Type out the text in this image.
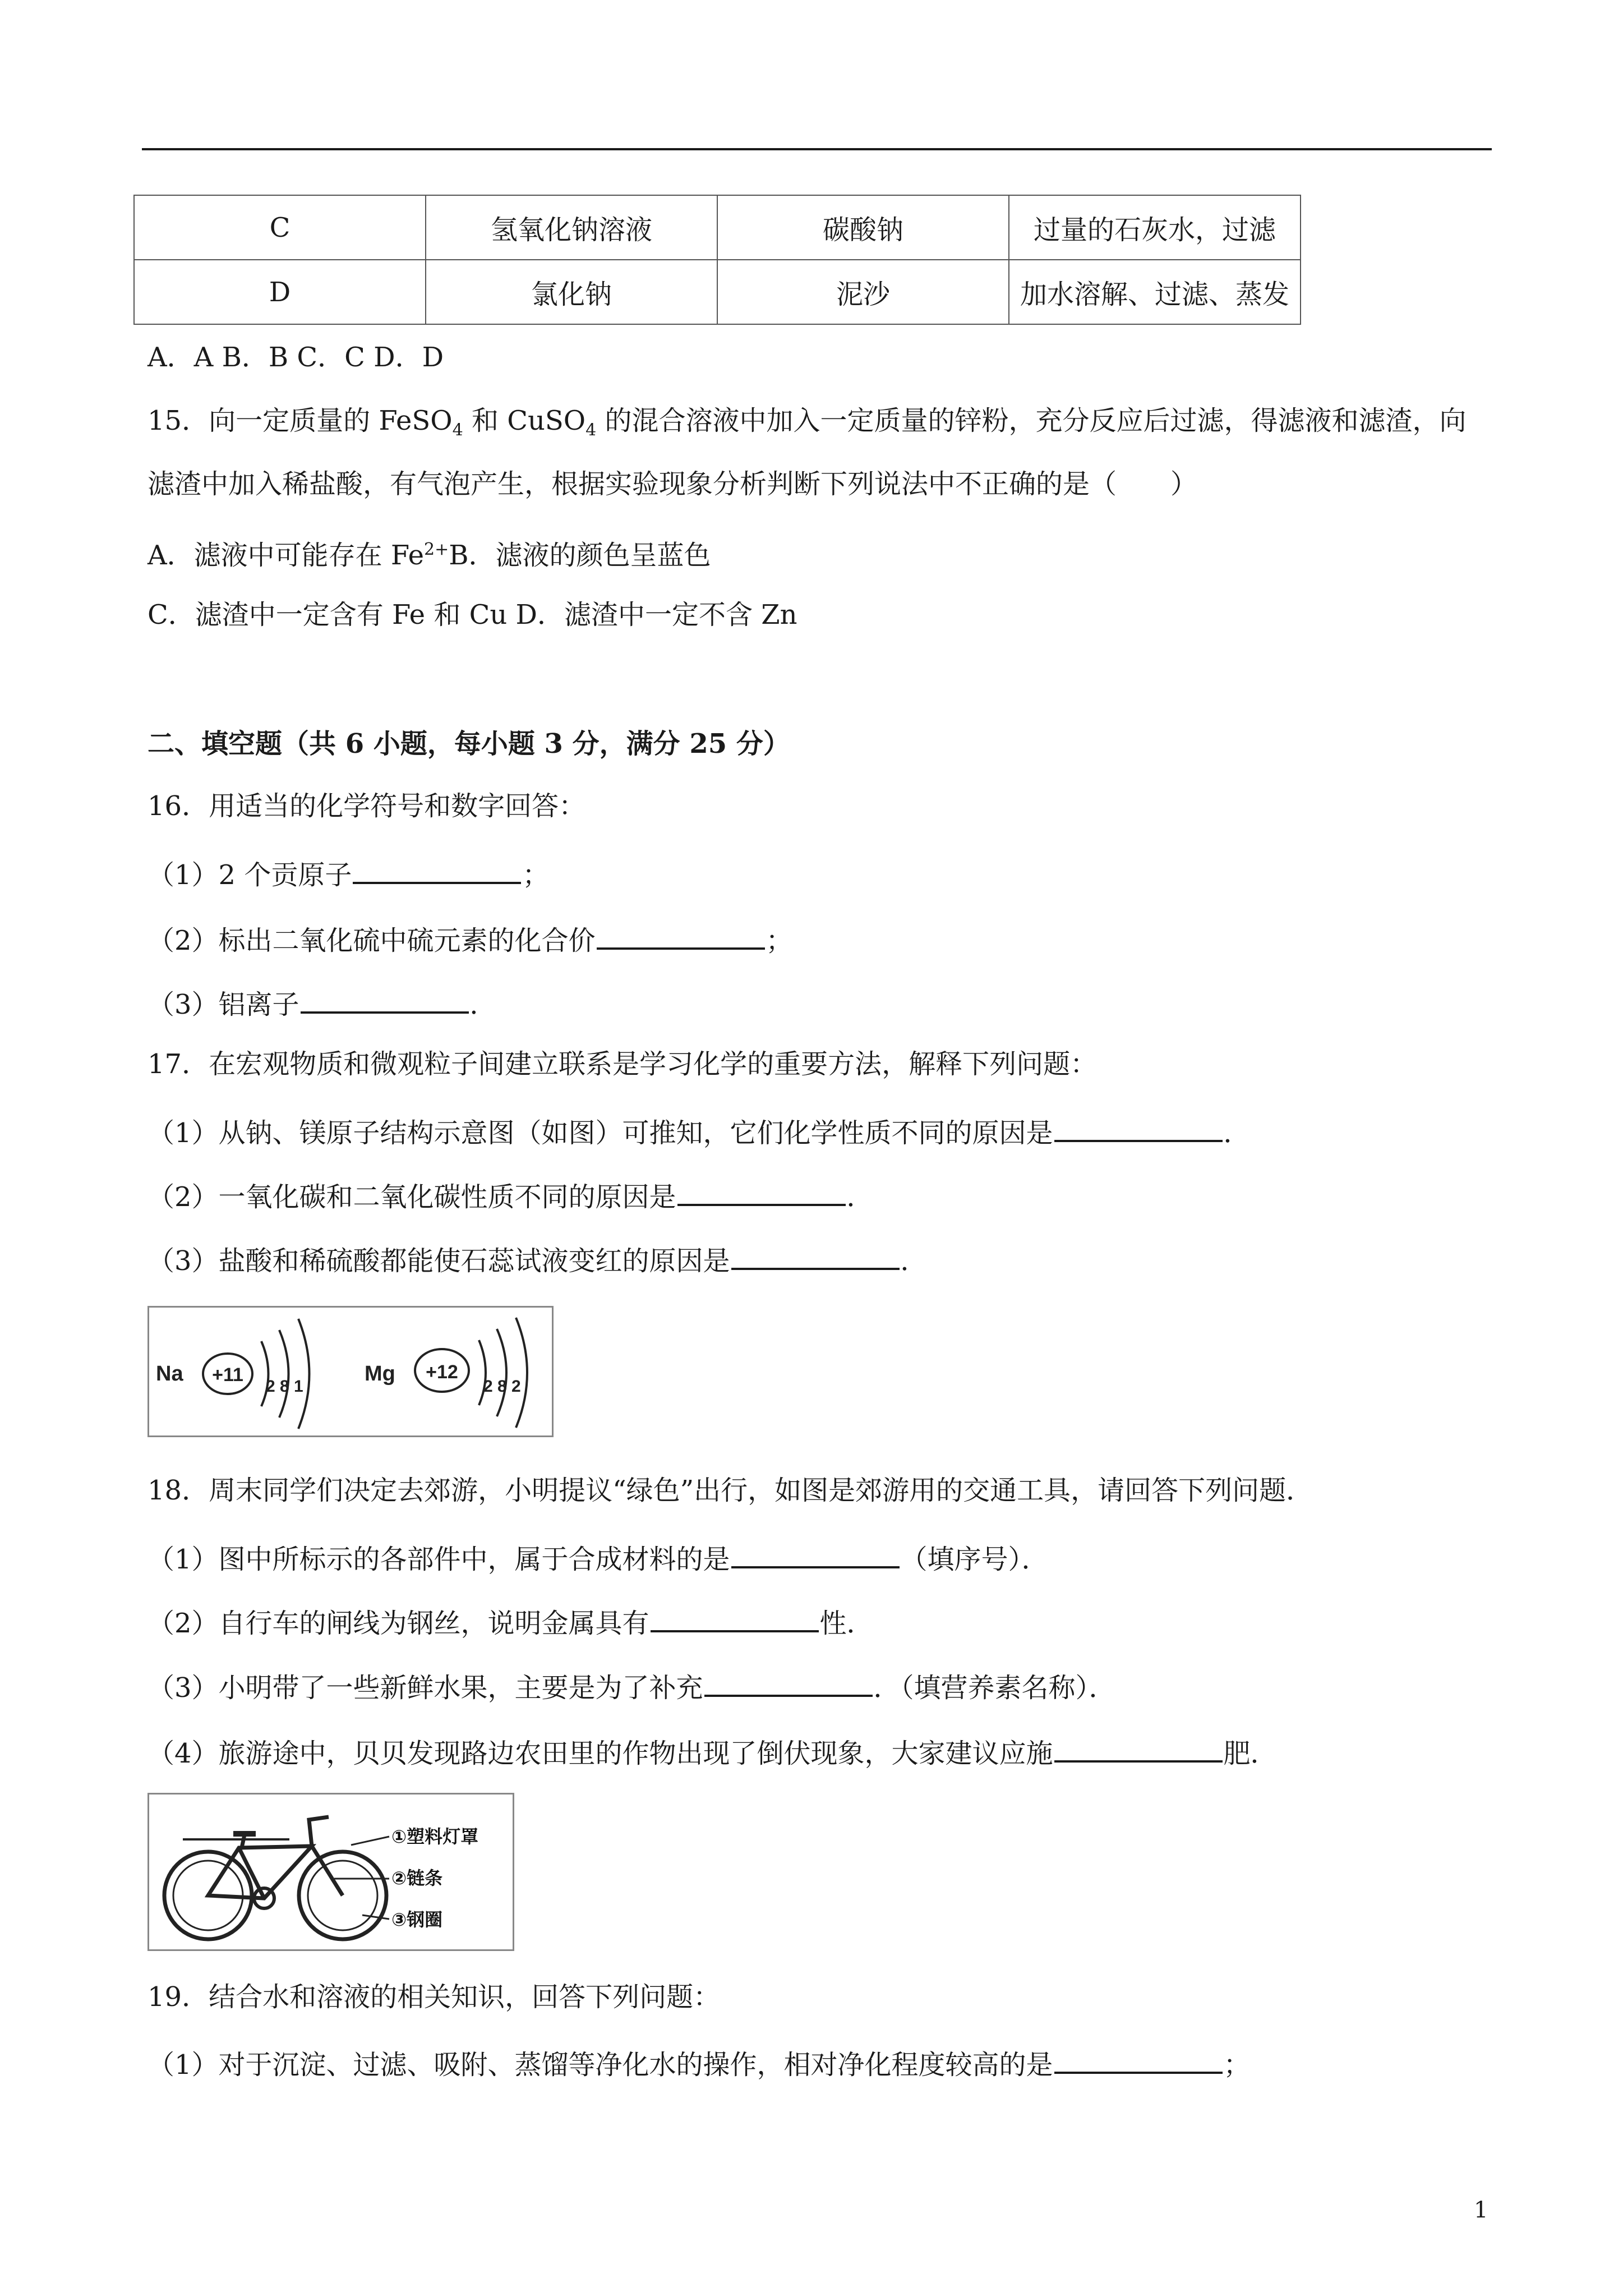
C	氢氧化钠溶液	碳酸钠	过量的石灰水，过滤
D	氯化钠	泥沙	加水溶解、过滤、蒸发
A．A B．B C．C D．D
15．向一定质量的 FeSO$_4$ 和 CuSO$_4$ 的混合溶液中加入一定质量的锌粉，充分反应后过滤，得滤液和滤渣，向
滤渣中加入稀盐酸，有气泡产生，根据实验现象分析判断下列说法中不正确的是（　　）
A．滤液中可能存在 $Fe^{2+}B$．滤液的颜色呈蓝色
C．滤渣中一定含有 Fe 和 Cu D．滤渣中一定不含 Zn
二、填空题（共 6 小题，每小题 3 分，满分 25 分）
16．用适当的化学符号和数字回答：
（1）2 个贡原子	；
（2）标出二氧化硫中硫元素的化合价	；
（3）铝离子	．
17．在宏观物质和微观粒子间建立联系是学习化学的重要方法，解释下列问题：
（1）从钠、镁原子结构示意图（如图）可推知，它们化学性质不同的原因是	．
（2）一氧化碳和二氧化碳性质不同的原因是	．
（3）盐酸和稀硫酸都能使石蕊试液变红的原因是	．
Na +11
2 8 1
Mg +12
2 8 2
18．周末同学们决定去郊游，小明提议“绿色”出行，如图是郊游用的交通工具，请回答下列问题．
（1）图中所标示的各部件中，属于合成材料的是	（填序号）．
（2）自行车的闸线为钢丝，说明金属具有	性．
（3）小明带了一些新鲜水果，主要是为了补充	．（填营养素名称）．
（4）旅游途中，贝贝发现路边农田里的作物出现了倒伏现象，大家建议应施	肥．
①塑料灯罩
②链条
③钢圈
19．结合水和溶液的相关知识，回答下列问题：
（1）对于沉淀、过滤、吸附、蒸馏等净化水的操作，相对净化程度较高的是	；
1
